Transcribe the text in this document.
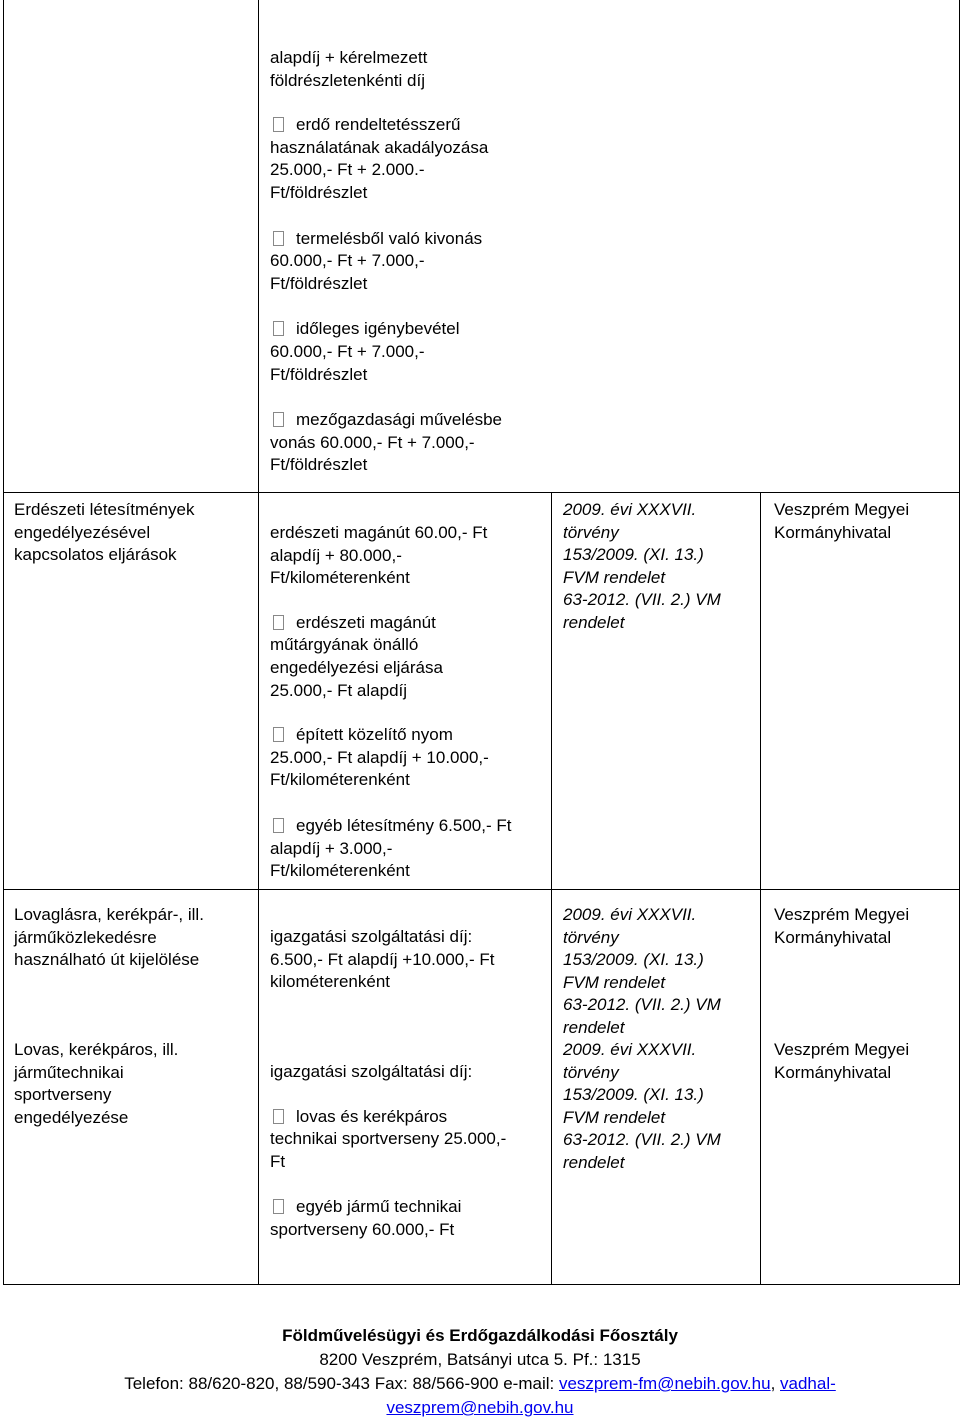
alapdíj + kérelmezett
földrészletenkénti díj

erdő rendeltetésszerű
használatának akadályozása
25.000,- Ft + 2.000.-
Ft/földrészlet

termelésből való kivonás
60.000,- Ft + 7.000,-
Ft/földrészlet

időleges igénybevétel
60.000,- Ft + 7.000,-
Ft/földrészlet

mezőgazdasági művelésbe
vonás 60.000,- Ft + 7.000,-
Ft/földrészlet

Erdészeti létesítmények
engedélyezésével
kapcsolatos eljárások

erdészeti magánút 60.00,- Ft
alapdíj + 80.000,-
Ft/kilométerenként

erdészeti magánút
műtárgyának önálló
engedélyezési eljárása
25.000,- Ft alapdíj

épített közelítő nyom
25.000,- Ft alapdíj + 10.000,-
Ft/kilométerenként

egyéb létesítmény 6.500,- Ft
alapdíj + 3.000,-
Ft/kilométerenként

2009. évi XXXVII.
törvény
153/2009. (XI. 13.)
FVM rendelet
63-2012. (VII. 2.) VM
rendelet
Veszprém Megyei
Kormányhivatal
Lovaglásra, kerékpár-, ill.
járműközlekedésre
használható út kijelölése
igazgatási szolgáltatási díj:
6.500,- Ft alapdíj +10.000,- Ft
kilométerenként
2009. évi XXXVII.
törvény
153/2009. (XI. 13.)
FVM rendelet
63-2012. (VII. 2.) VM
rendelet
Veszprém Megyei
Kormányhivatal
Lovas, kerékpáros, ill.
járműtechnikai
sportverseny
engedélyezése

igazgatási szolgáltatási díj:

lovas és kerékpáros
technikai sportverseny 25.000,-
Ft

egyéb jármű technikai
sportverseny 60.000,- Ft

2009. évi XXXVII.
törvény
153/2009. (XI. 13.)
FVM rendelet
63-2012. (VII. 2.) VM
rendelet
Veszprém Megyei
Kormányhivatal
Földművelésügyi és Erdőgazdálkodási Főosztály
8200 Veszprém, Batsányi utca 5. Pf.: 1315
Telefon: 88/620-820, 88/590-343 Fax: 88/566-900 e-mail: veszprem-fm@nebih.gov.hu, vadhal-
veszprem@nebih.gov.hu
